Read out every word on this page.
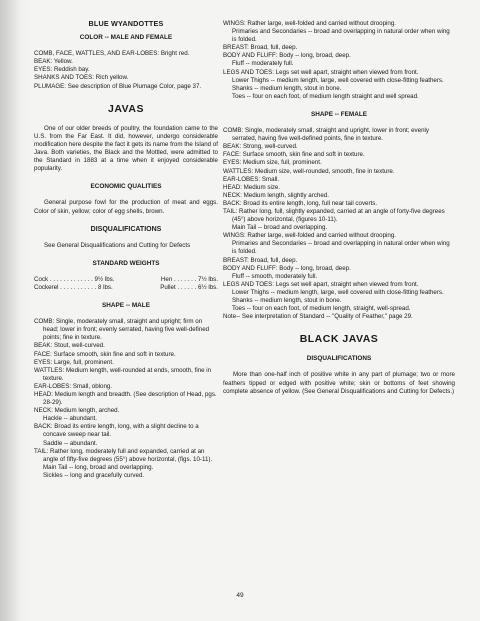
BLUE WYANDOTTES
COLOR -- MALE AND FEMALE

COMB, FACE, WATTLES, AND EAR-LOBES: Bright red.

BEAK: Yellow.

EYES: Reddish bay.

SHANKS AND TOES: Rich yellow.

PLUMAGE: See description of Blue Plumage Color, page 37.

JAVAS

One of our older breeds of poultry, the foundation came to the U.S. from the Far East. It did, however, undergo considerable modification here despite the fact it gets its name from the Island of Java. Both varieties, the Black and the Mottled, were admitted to the Standard in 1883 at a time when it enjoyed considerable popularity.

ECONOMIC QUALITIES

General purpose fowl for the production of meat and eggs. Color of skin, yellow; color of egg shells, brown.

DISQUALIFICATIONS

See General Disqualifications and Cutting for Defects

STANDARD WEIGHTS
Cock . . . . . . . . . . . . . 9½ lbs.	Hen . . . . . . . 7½ lbs.
Cockerel . . . . . . . . . . . 8 lbs.	Pullet . . . . . . 6½ lbs.
SHAPE -- MALE

COMB: Single, moderately small, straight and upright; firm on head; lower in front; evenly serrated, having five well-defined points; fine in texture.

BEAK: Stout, well-curved.

FACE: Surface smooth, skin fine and soft in texture.

EYES: Large, full, prominent.

WATTLES: Medium length, well-rounded at ends, smooth, fine in texture.

EAR-LOBES: Small, oblong.

HEAD: Medium length and breadth. (See description of Head, pgs. 28-29).

NECK: Medium length, arched.

Hackle -- abundant.

BACK: Broad its entire length, long, with a slight decline to a concave sweep near tail.

Saddle -- abundant.

TAIL: Rather long, moderately full and expanded, carried at an angle of fifty-five degrees (55°) above horizontal, (figs. 10-11).

Main Tail -- long, broad and overlapping.

Sickles -- long and gracefully curved.

WINGS: Rather large, well-folded and carried without drooping.

Primaries and Secondaries -- broad and overlapping in natural order when wing is folded.

BREAST: Broad, full, deep.

BODY AND FLUFF: Body -- long, broad, deep.

Fluff -- moderately full.

LEGS AND TOES: Legs set well apart, straight when viewed from front.

Lower Thighs -- medium length, large, well covered with close-fitting feathers.

Shanks -- medium length, stout in bone.

Toes -- four on each foot, of medium length straight and well spread.

SHAPE -- FEMALE

COMB: Single, moderately small, straight and upright, lower in front; evenly serrated, having five well-defined points, fine in texture.

BEAK: Strong, well-curved.

FACE: Surface smooth, skin fine and soft in texture.

EYES: Medium size, full, prominent.

WATTLES: Medium size, well-rounded, smooth, fine in texture.

EAR-LOBES: Small.

HEAD: Medium size.

NECK: Medium length, slightly arched.

BACK: Broad its entire length, long, full near tail coverts.

TAIL: Rather long, full, slightly expanded, carried at an angle of forty-five degrees (45°) above horizontal, (figures 10-11).

Main Tail -- broad and overlapping.

WINGS: Rather large, well-folded and carried without drooping.

Primaries and Secondaries -- broad and overlapping in natural order when wing is folded.

BREAST: Broad, full, deep.

BODY AND FLUFF: Body -- long, broad, deep.

Fluff -- smooth, moderately full.

LEGS AND TOES: Legs set well apart, straight when viewed from front.

Lower Thighs -- medium length, large, well covered with close-fitting feathers.

Shanks -- medium length, stout in bone.

Toes -- four on each foot, of medium length, straight, well-spread.

Note-- See interpretation of Standard -- "Quality of Feather," page 29.

BLACK JAVAS
DISQUALIFICATIONS

More than one-half inch of positive white in any part of plumage; two or more feathers tipped or edged with positive white; skin or bottoms of feet showing complete absence of yellow. (See General Disqualifications and Cutting for Defects.)

49
